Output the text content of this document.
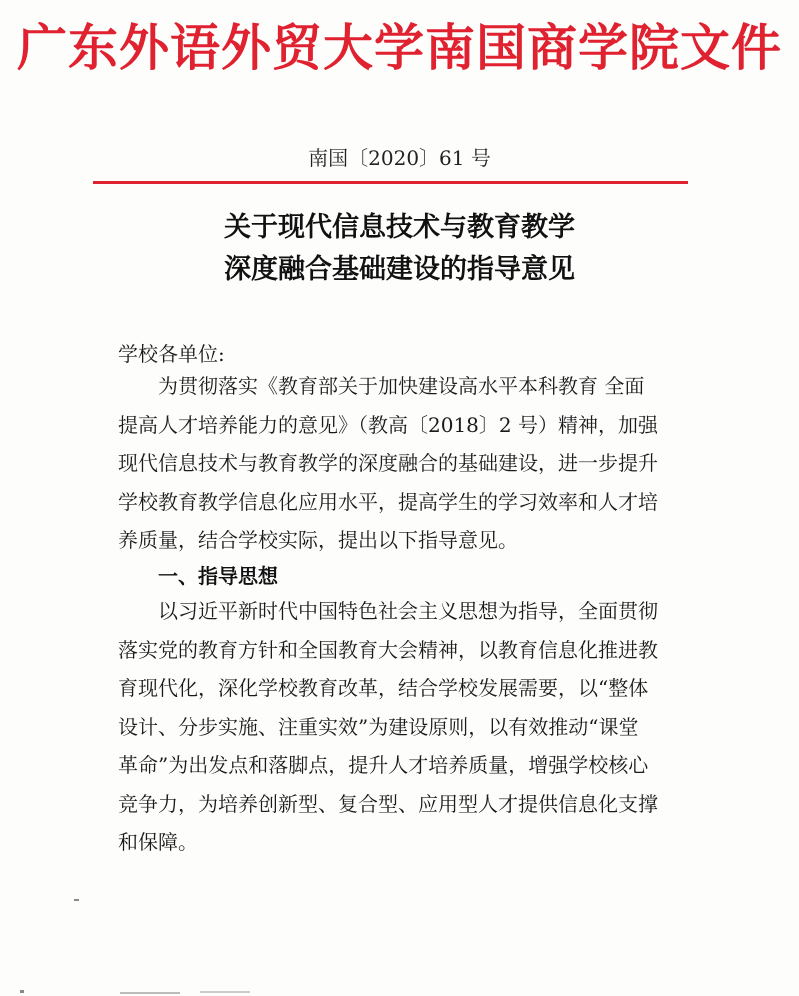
广东外语外贸大学南国商学院文件
南国〔2020〕61 号
关于现代信息技术与教育教学
深度融合基础建设的指导意见
学校各单位:
为贯彻落实《教育部关于加快建设高水平本科教育 全面
提高人才培养能力的意见》（教高〔2018〕2 号）精神，加强
现代信息技术与教育教学的深度融合的基础建设，进一步提升
学校教育教学信息化应用水平，提高学生的学习效率和人才培
养质量，结合学校实际，提出以下指导意见。
一、指导思想
以习近平新时代中国特色社会主义思想为指导，全面贯彻
落实党的教育方针和全国教育大会精神，以教育信息化推进教
育现代化，深化学校教育改革，结合学校发展需要，以“整体
设计、分步实施、注重实效”为建设原则，以有效推动“课堂
革命”为出发点和落脚点，提升人才培养质量，增强学校核心
竞争力，为培养创新型、复合型、应用型人才提供信息化支撑
和保障。
